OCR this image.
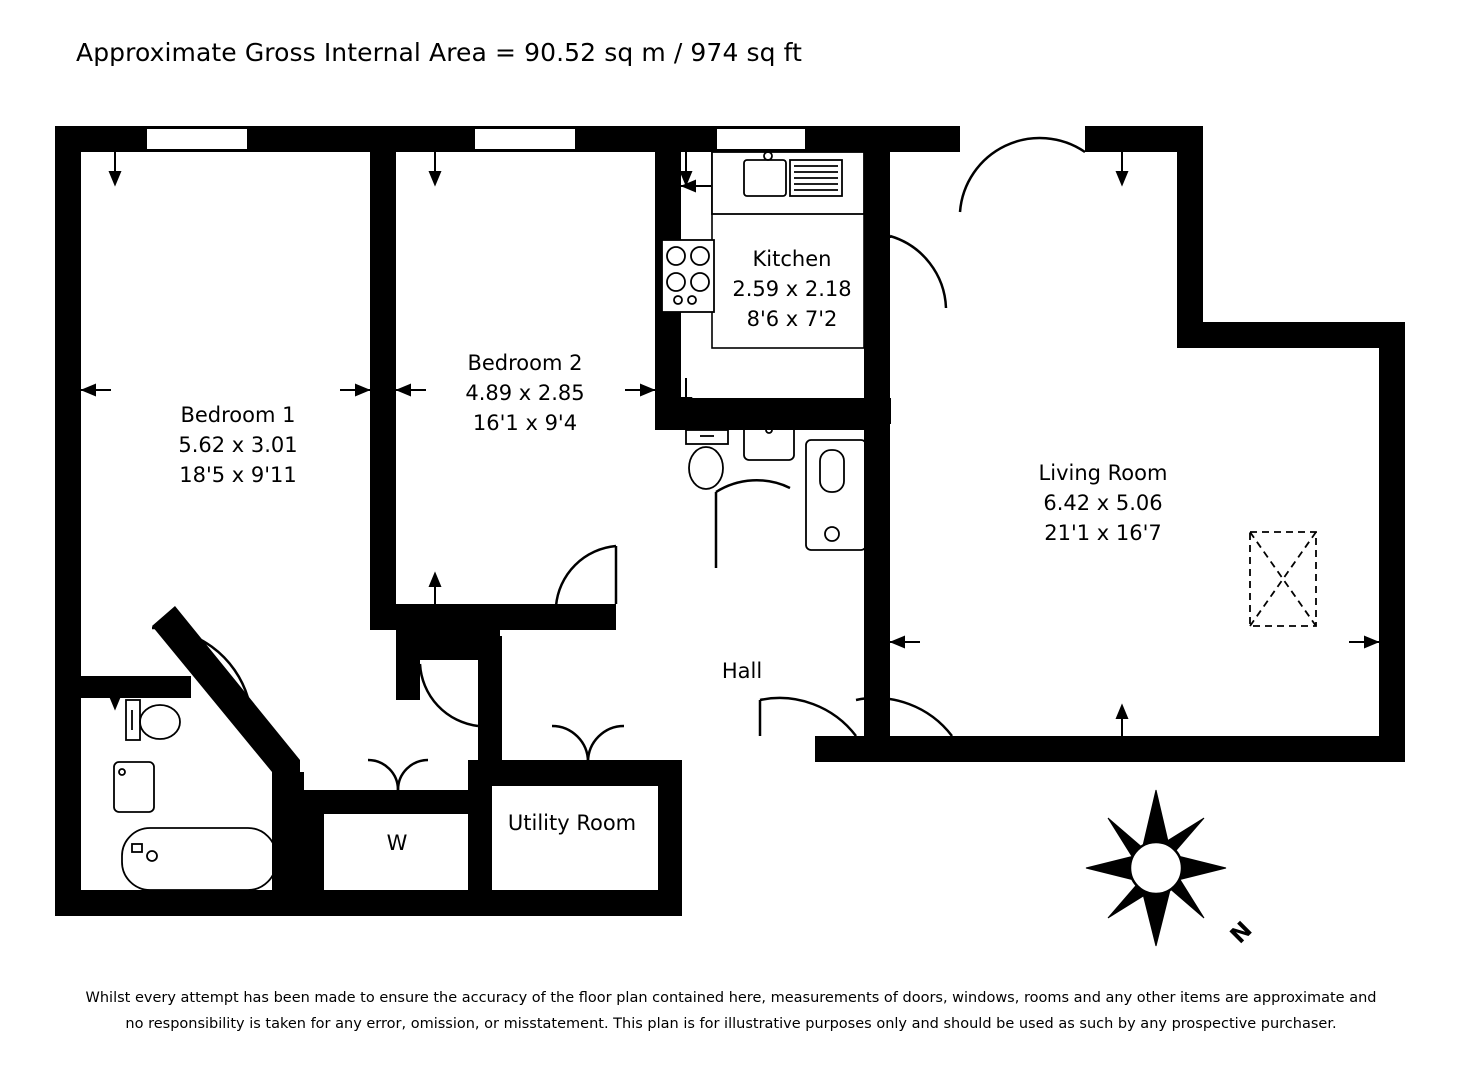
Approximate Gross Internal Area = 90.52 sq m / 974 sq ft
Bedroom 1
5.62 x 3.01
18'5 x 9'11
Bedroom 2
4.89 x 2.85
16'1 x 9'4
Kitchen
2.59 x 2.18
8'6 x 7'2
Living Room
6.42 x 5.06
21'1 x 16'7
Hall
Utility Room
W
N
Whilst every attempt has been made to ensure the accuracy of the floor plan contained here, measurements of doors, windows, rooms and any other items are approximate and
no responsibility is taken for any error, omission, or misstatement. This plan is for illustrative purposes only and should be used as such by any prospective purchaser.
